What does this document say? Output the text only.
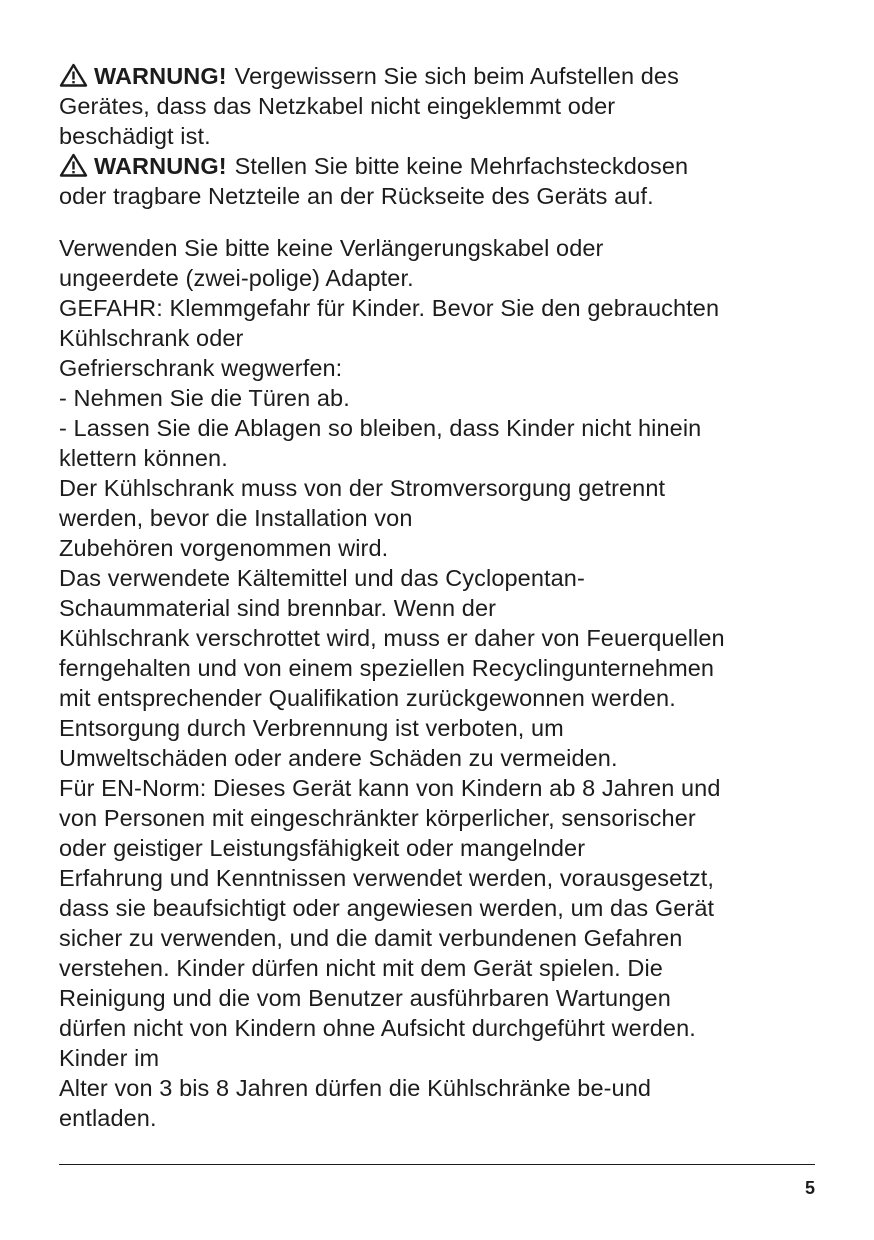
WARNUNG! Vergewissern Sie sich beim Aufstellen des
Gerätes, dass das Netzkabel nicht eingeklemmt oder
beschädigt ist.
WARNUNG! Stellen Sie bitte keine Mehrfachsteckdosen
oder tragbare Netzteile an der Rückseite des Geräts auf.
Verwenden Sie bitte keine Verlängerungskabel oder
ungeerdete (zwei-polige) Adapter.
GEFAHR: Klemmgefahr für Kinder. Bevor Sie den gebrauchten
Kühlschrank oder
Gefrierschrank wegwerfen:
- Nehmen Sie die Türen ab.
- Lassen Sie die Ablagen so bleiben, dass Kinder nicht hinein
klettern können.
Der Kühlschrank muss von der Stromversorgung getrennt
werden, bevor die Installation von
Zubehören vorgenommen wird.
Das verwendete Kältemittel und das Cyclopentan-
Schaummaterial sind brennbar. Wenn der
Kühlschrank verschrottet wird, muss er daher von Feuerquellen
ferngehalten und von einem speziellen Recyclingunternehmen
mit entsprechender Qualifikation zurückgewonnen werden.
Entsorgung durch Verbrennung ist verboten, um
Umweltschäden oder andere Schäden zu vermeiden.
Für EN-Norm: Dieses Gerät kann von Kindern ab 8 Jahren und
von Personen mit eingeschränkter körperlicher, sensorischer
oder geistiger Leistungsfähigkeit oder mangelnder
Erfahrung und Kenntnissen verwendet werden, vorausgesetzt,
dass sie beaufsichtigt oder angewiesen werden, um das Gerät
sicher zu verwenden, und die damit verbundenen Gefahren
verstehen. Kinder dürfen nicht mit dem Gerät spielen. Die
Reinigung und die vom Benutzer ausführbaren Wartungen
dürfen nicht von Kindern ohne Aufsicht durchgeführt werden.
Kinder im
Alter von 3 bis 8 Jahren dürfen die Kühlschränke be-und
entladen.
5
